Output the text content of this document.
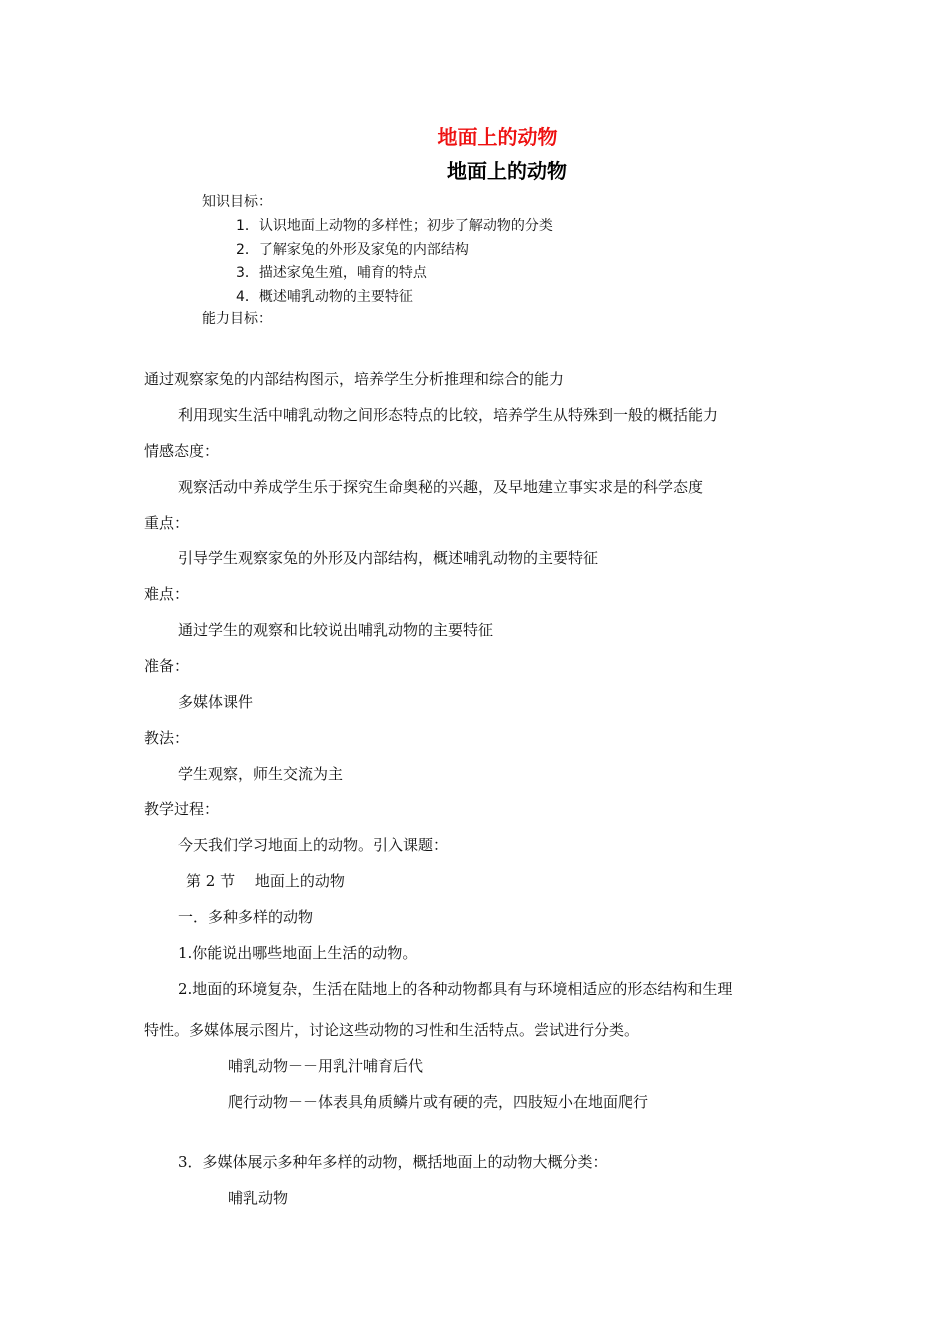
地面上的动物
地面上的动物
知识目标：
1．认识地面上动物的多样性；初步了解动物的分类
2．了解家兔的外形及家兔的内部结构
3．描述家兔生殖，哺育的特点
4．概述哺乳动物的主要特征
能力目标：
通过观察家兔的内部结构图示，培养学生分析推理和综合的能力
利用现实生活中哺乳动物之间形态特点的比较，培养学生从特殊到一般的概括能力
情感态度：
观察活动中养成学生乐于探究生命奥秘的兴趣，及早地建立事实求是的科学态度
重点：
引导学生观察家兔的外形及内部结构，概述哺乳动物的主要特征
难点：
通过学生的观察和比较说出哺乳动物的主要特征
准备：
多媒体课件
教法：
学生观察，师生交流为主
教学过程：
今天我们学习地面上的动物。引入课题：
第 2 节　 地面上的动物
一．多种多样的动物
1.你能说出哪些地面上生活的动物。
2.地面的环境复杂，生活在陆地上的各种动物都具有与环境相适应的形态结构和生理
特性。多媒体展示图片，讨论这些动物的习性和生活特点。尝试进行分类。
哺乳动物－－用乳汁哺育后代
爬行动物－－体表具角质鳞片或有硬的壳，四肢短小在地面爬行
3．多媒体展示多种年多样的动物，概括地面上的动物大概分类：
哺乳动物
